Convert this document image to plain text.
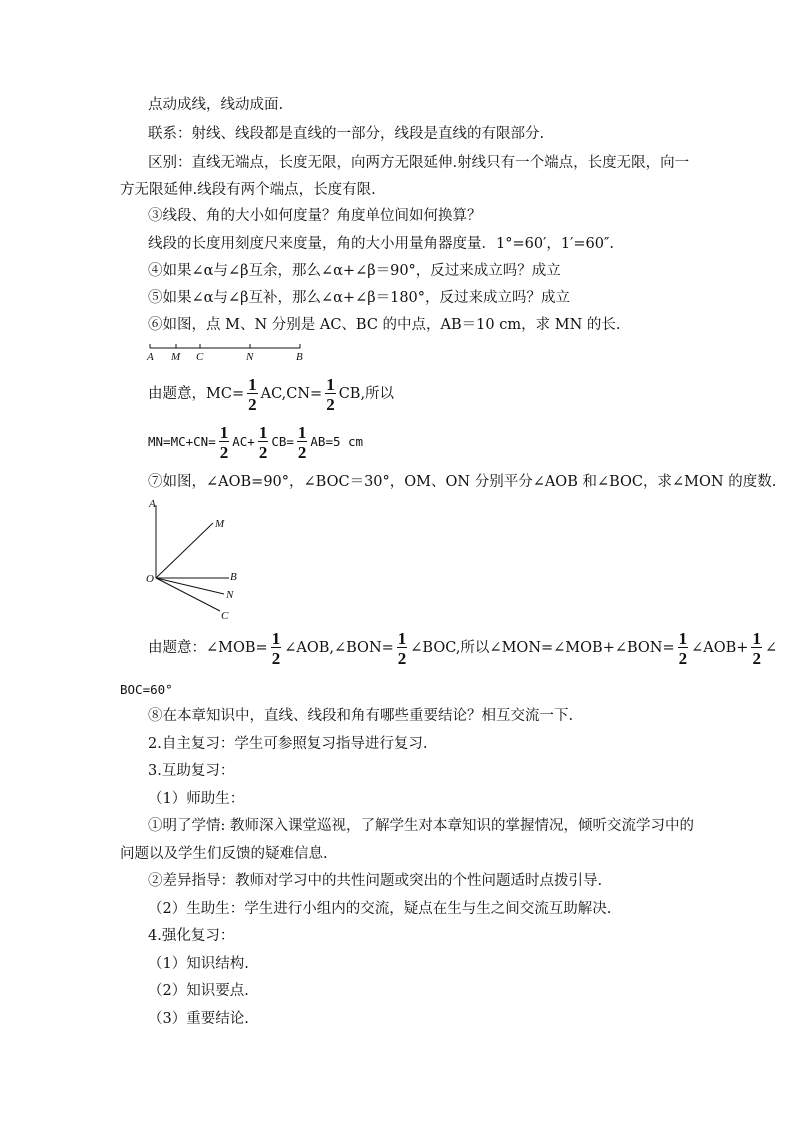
点动成线，线动成面.
联系：射线、线段都是直线的一部分，线段是直线的有限部分.
区别：直线无端点，长度无限，向两方无限延伸.射线只有一个端点，长度无限，向一
方无限延伸.线段有两个端点，长度有限.
③线段、角的大小如何度量？角度单位间如何换算？
线段的长度用刻度尺来度量，角的大小用量角器度量．1°=60′，1′=60″.
④如果∠α与∠β互余，那么∠α+∠β＝90°，反过来成立吗？成立
⑤如果∠α与∠β互补，那么∠α+∠β＝180°，反过来成立吗？成立
⑥如图，点 M、N 分别是 AC、BC 的中点，AB＝10 cm，求 MN 的长.
A M C	N	B
由题意，$MC= \frac{1}{2} AC,CN= \frac{1}{2}$ CB,所以
$MN=MC+CN= \frac{1}{2} AC+ \frac{1}{2} CB= \frac{1}{2} AB=5$ cm
⑦如图，∠AOB=90°，∠BOC＝30°，OM、ON 分别平分∠AOB 和∠BOC，求∠MON 的度数.
A
M
O	B
N
C
由题意：∠MOB= $\frac{1}{2}$ ∠AOB,∠BON= $\frac{1}{2}$ ∠BOC,所以∠MON=∠MOB+∠BON= $\frac{1}{2}$ ∠AOB+ $\frac{1}{2}$ ∠
BOC=60°
⑧在本章知识中，直线、线段和角有哪些重要结论？相互交流一下.
2.自主复习：学生可参照复习指导进行复习.
3.互助复习：
（1）师助生：
①明了学情: 教师深入课堂巡视，了解学生对本章知识的掌握情况，倾听交流学习中的
问题以及学生们反馈的疑难信息.
②差异指导：教师对学习中的共性问题或突出的个性问题适时点拨引导.
（2）生助生：学生进行小组内的交流，疑点在生与生之间交流互助解决.
4.强化复习：
（1）知识结构.
（2）知识要点.
（3）重要结论.
